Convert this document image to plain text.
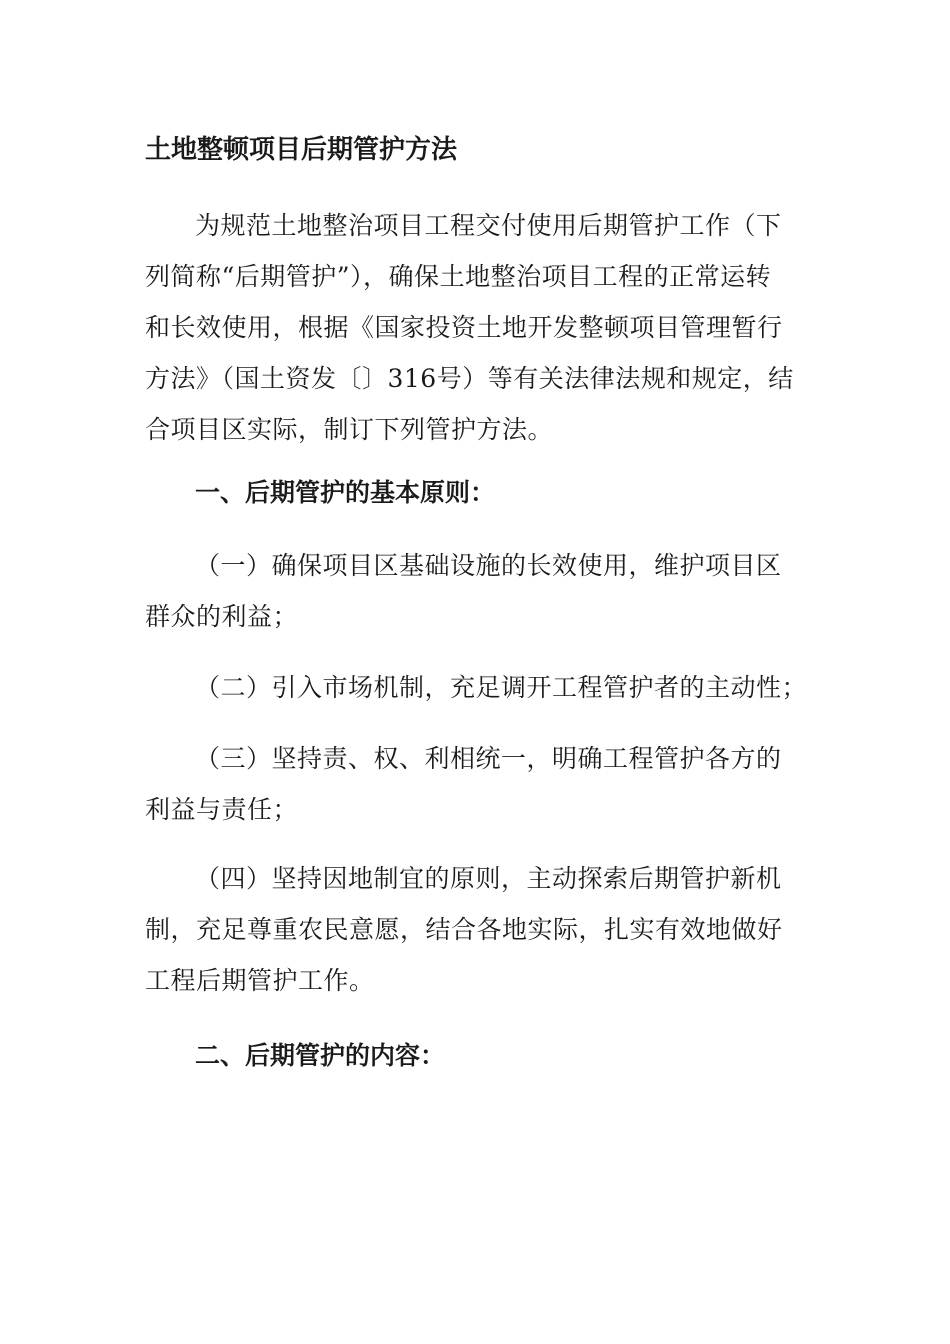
土地整顿项目后期管护方法

为规范土地整治项目工程交付使用后期管护工作（下列简称“后期管护”），确保土地整治项目工程的正常运转和长效使用，根据《国家投资土地开发整顿项目管理暂行方法》（国土资发〔〕316号）等有关法律法规和规定，结合项目区实际，制订下列管护方法。

一、后期管护的基本原则：

（一）确保项目区基础设施的长效使用，维护项目区群众的利益；

（二）引入市场机制，充足调开工程管护者的主动性；

（三）坚持责、权、利相统一，明确工程管护各方的利益与责任；

（四）坚持因地制宜的原则，主动探索后期管护新机制，充足尊重农民意愿，结合各地实际，扎实有效地做好工程后期管护工作。

二、后期管护的内容：
